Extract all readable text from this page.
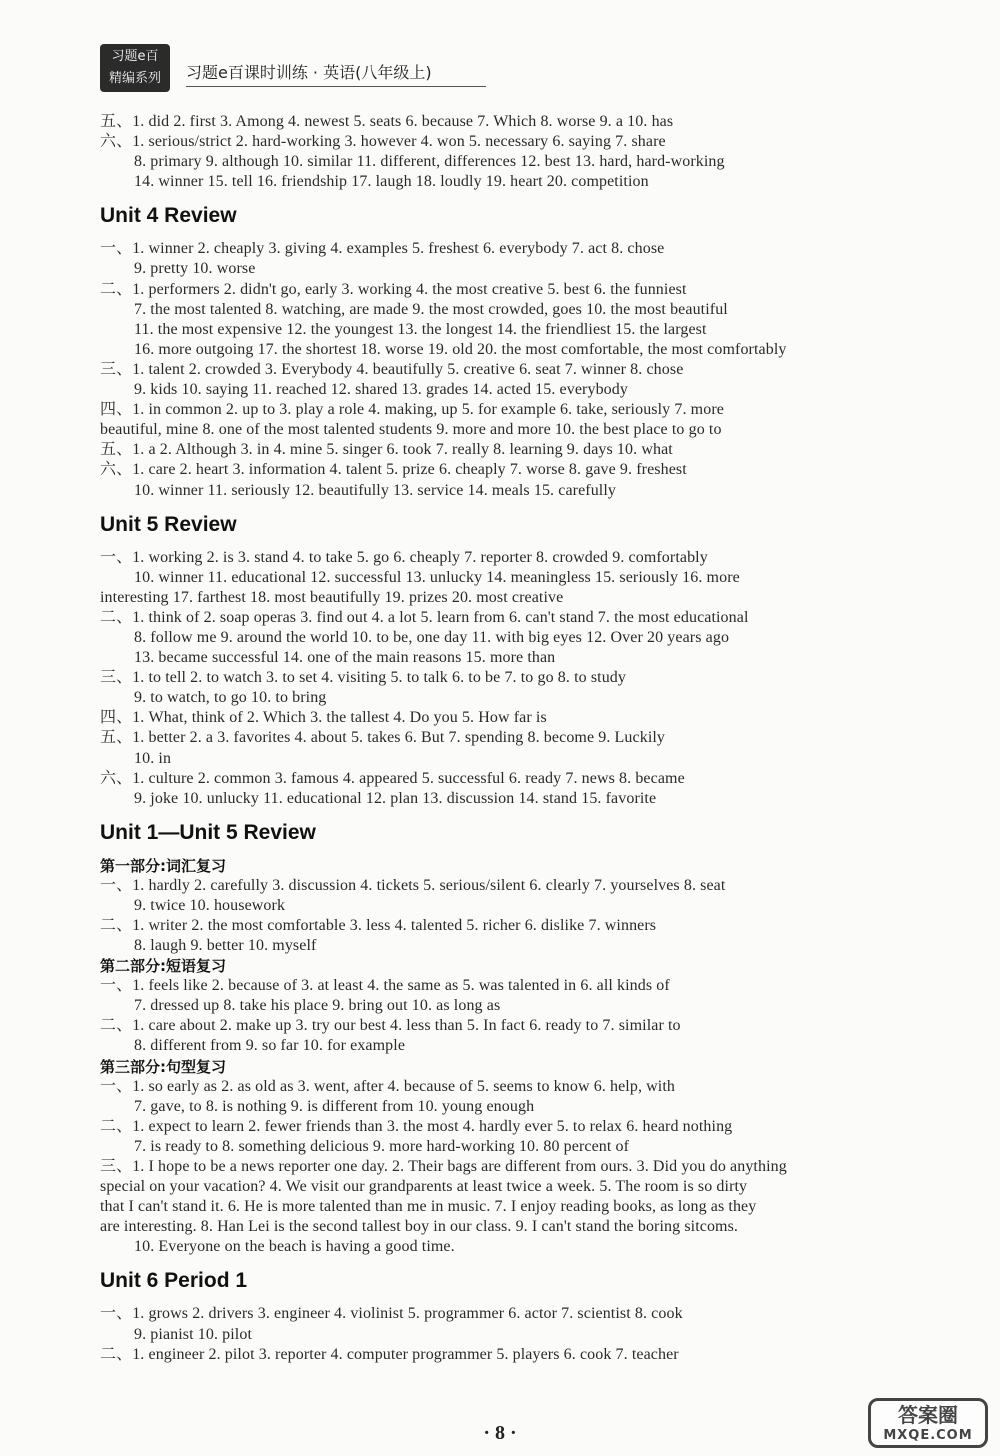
习题e百
精编系列	习题e百课时训练 · 英语(八年级上)
五、1. did 2. first 3. Among 4. newest 5. seats 6. because 7. Which 8. worse 9. a 10. has
六、1. serious/strict 2. hard-working 3. however 4. won 5. necessary 6. saying 7. share
8. primary 9. although 10. similar 11. different, differences 12. best 13. hard, hard-working
14. winner 15. tell 16. friendship 17. laugh 18. loudly 19. heart 20. competition
Unit 4 Review
一、1. winner 2. cheaply 3. giving 4. examples 5. freshest 6. everybody 7. act 8. chose
9. pretty 10. worse
二、1. performers 2. didn't go, early 3. working 4. the most creative 5. best 6. the funniest
7. the most talented 8. watching, are made 9. the most crowded, goes 10. the most beautiful
11. the most expensive 12. the youngest 13. the longest 14. the friendliest 15. the largest
16. more outgoing 17. the shortest 18. worse 19. old 20. the most comfortable, the most comfortably
三、1. talent 2. crowded 3. Everybody 4. beautifully 5. creative 6. seat 7. winner 8. chose
9. kids 10. saying 11. reached 12. shared 13. grades 14. acted 15. everybody
四、1. in common 2. up to 3. play a role 4. making, up 5. for example 6. take, seriously 7. more
beautiful, mine 8. one of the most talented students 9. more and more 10. the best place to go to
五、1. a 2. Although 3. in 4. mine 5. singer 6. took 7. really 8. learning 9. days 10. what
六、1. care 2. heart 3. information 4. talent 5. prize 6. cheaply 7. worse 8. gave 9. freshest
10. winner 11. seriously 12. beautifully 13. service 14. meals 15. carefully
Unit 5 Review
一、1. working 2. is 3. stand 4. to take 5. go 6. cheaply 7. reporter 8. crowded 9. comfortably
10. winner 11. educational 12. successful 13. unlucky 14. meaningless 15. seriously 16. more
interesting 17. farthest 18. most beautifully 19. prizes 20. most creative
二、1. think of 2. soap operas 3. find out 4. a lot 5. learn from 6. can't stand 7. the most educational
8. follow me 9. around the world 10. to be, one day 11. with big eyes 12. Over 20 years ago
13. became successful 14. one of the main reasons 15. more than
三、1. to tell 2. to watch 3. to set 4. visiting 5. to talk 6. to be 7. to go 8. to study
9. to watch, to go 10. to bring
四、1. What, think of 2. Which 3. the tallest 4. Do you 5. How far is
五、1. better 2. a 3. favorites 4. about 5. takes 6. But 7. spending 8. become 9. Luckily
10. in
六、1. culture 2. common 3. famous 4. appeared 5. successful 6. ready 7. news 8. became
9. joke 10. unlucky 11. educational 12. plan 13. discussion 14. stand 15. favorite
Unit 1—Unit 5 Review
第一部分:词汇复习
一、1. hardly 2. carefully 3. discussion 4. tickets 5. serious/silent 6. clearly 7. yourselves 8. seat
9. twice 10. housework
二、1. writer 2. the most comfortable 3. less 4. talented 5. richer 6. dislike 7. winners
8. laugh 9. better 10. myself
第二部分:短语复习
一、1. feels like 2. because of 3. at least 4. the same as 5. was talented in 6. all kinds of
7. dressed up 8. take his place 9. bring out 10. as long as
二、1. care about 2. make up 3. try our best 4. less than 5. In fact 6. ready to 7. similar to
8. different from 9. so far 10. for example
第三部分:句型复习
一、1. so early as 2. as old as 3. went, after 4. because of 5. seems to know 6. help, with
7. gave, to 8. is nothing 9. is different from 10. young enough
二、1. expect to learn 2. fewer friends than 3. the most 4. hardly ever 5. to relax 6. heard nothing
7. is ready to 8. something delicious 9. more hard-working 10. 80 percent of
三、1. I hope to be a news reporter one day. 2. Their bags are different from ours. 3. Did you do anything
special on your vacation? 4. We visit our grandparents at least twice a week. 5. The room is so dirty
that I can't stand it. 6. He is more talented than me in music. 7. I enjoy reading books, as long as they
are interesting. 8. Han Lei is the second tallest boy in our class. 9. I can't stand the boring sitcoms.
10. Everyone on the beach is having a good time.
Unit 6 Period 1
一、1. grows 2. drivers 3. engineer 4. violinist 5. programmer 6. actor 7. scientist 8. cook
9. pianist 10. pilot
二、1. engineer 2. pilot 3. reporter 4. computer programmer 5. players 6. cook 7. teacher
· 8 ·
答案圈
MXQE.COM
